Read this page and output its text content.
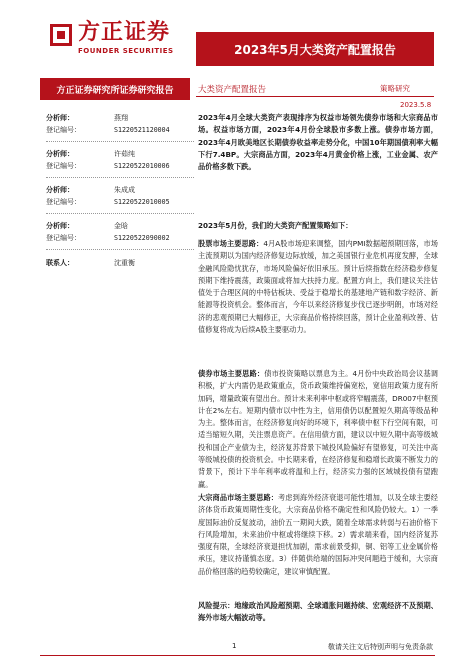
方正证券
FOUNDER SECURITIES	2023年5月大类资产配置报告
方正证券研究所证券研究报告	大类资产配置报告	策略研究
2023.5.8
分析师：	燕翔
登记编号：	S1220521120004
分析师：	许茹纯
登记编号：	S1220522010006
分析师：	朱成成
登记编号：	S1220522010005
分析师：	金晗
登记编号：	S1220522090002
联系人：	沈重衡

2023年4月全球大类资产表现排序为权益市场领先债券市场和大宗商品市场。权益市场方面，2023年4月份全球股市多数上涨。债券市场方面，2023年4月欧美地区长期债券收益率走势分化，中国10年期国债利率大幅下行7.4BP。大宗商品方面，2023年4月黄金价格上涨，工业金属、农产品价格多数下跌。

2023年5月份，我们的大类资产配置策略如下：

股票市场主要思路：4月A股市场迎来调整，国内PMI数据超预期回落，市场主流预期以为国内经济修复边际放缓，加之美国银行业危机再度发酵，全球金融风险隐忧犹存，市场风险偏好依旧承压。预计后续指数在经济稳步修复预期下维持震荡，政策面或将加大扶持力度。配置方向上，我们建议关注估值处于合理区间的中特估板块、受益于稳增长的基建地产链和数字经济、新能源等投资机会。整体而言，今年以来经济修复步伐已逐步明朗，市场对经济的悲观预期已大幅修正，大宗商品价格持续回落，预计企业盈利改善、估值修复将成为后续A股主要驱动力。

债券市场主要思路：债市投资策略以票息为主。4月份中央政治局会议基调积极，扩大内需仍是政策重点，货币政策维持偏宽松，宽信用政策力度有所加码，增量政策有望出台。预计未来利率中枢或将窄幅震荡，DR007中枢预计在2%左右。短期内债市以中性为主，信用债仍以配置短久期高等级品种为主。整体而言，在经济修复向好的环境下，利率债中枢下行空间有限，可适当缩短久期，关注票息资产。在信用债方面，建议以中短久期中高等级城投和国企产业债为主，经济复苏背景下城投风险偏好有望修复，可关注中高等级城投债的投资机会。中长期来看，在经济修复和稳增长政策不断发力的背景下，预计下半年利率或将温和上行，经济实力强的区域城投债有望跑赢。

大宗商品市场主要思路：考虑到海外经济衰退可能性增加，以及全球主要经济体货币政策周期性变化，大宗商品价格不确定性和风险仍较大。1）一季度国际油价反复波动，油价五一期间大跌，随着全球需求转弱与石油价格下行风险增加，未来油价中枢或将继续下移。2）需求端来看，国内经济复苏强度有限，全球经济衰退担忧加剧，需求前景受抑，铜、铝等工业金属价格承压，建议持谨慎态度。3）伴随供给端的国际冲突问题趋于缓和，大宗商品价格回落的趋势较确定，建议审慎配置。

风险提示：地缘政治风险超预期、全球通胀问题持续、宏观经济不及预期、海外市场大幅波动等。

1	敬请关注文后特别声明与免责条款
